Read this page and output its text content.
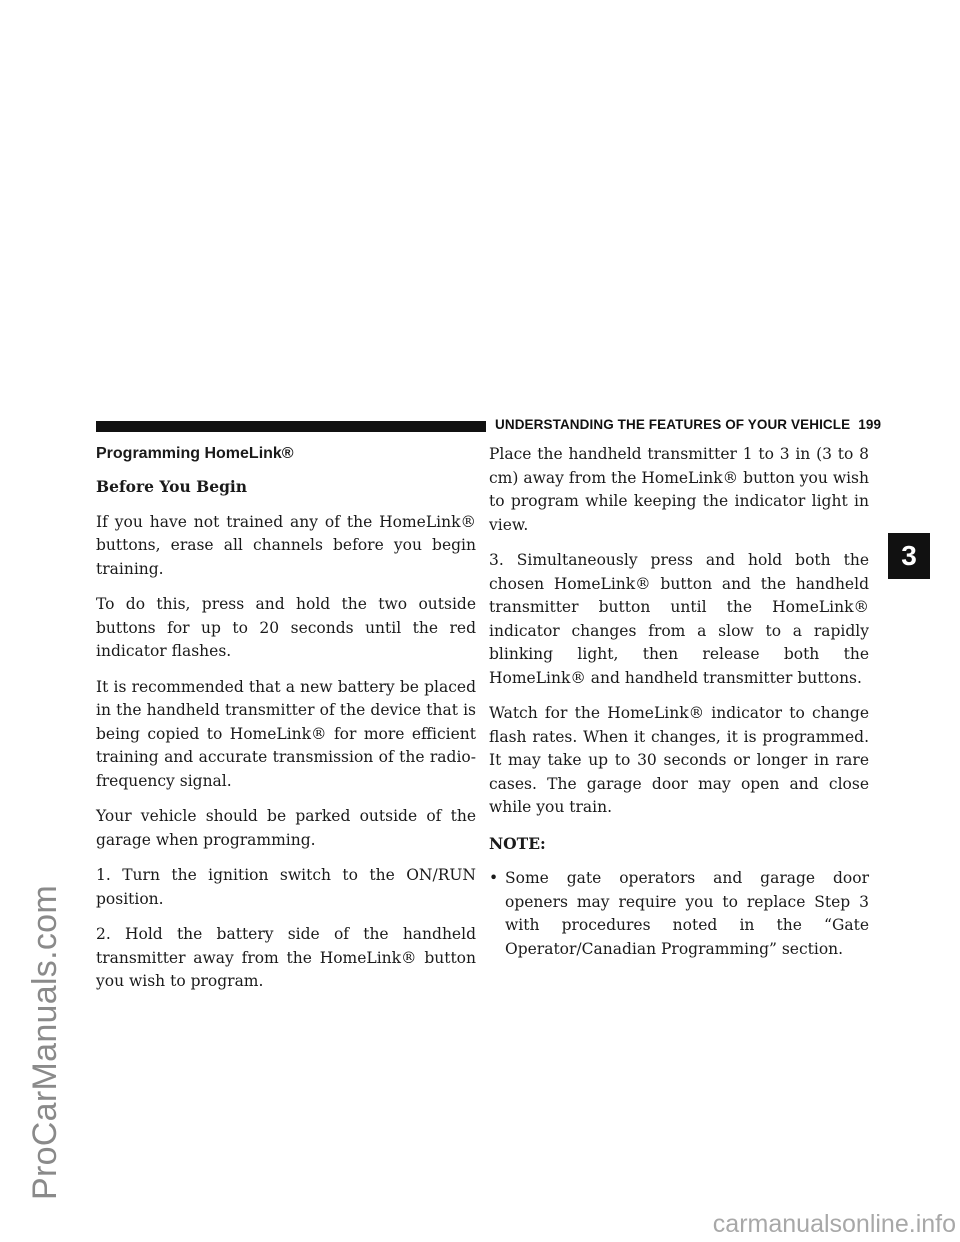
UNDERSTANDING THE FEATURES OF YOUR VEHICLE 199
Programming HomeLink®

Before You Begin

If you have not trained any of the HomeLink® buttons, erase all channels before you begin training.

To do this, press and hold the two outside buttons for up to 20 seconds until the red indicator flashes.

It is recommended that a new battery be placed in the handheld transmitter of the device that is being copied to HomeLink® for more efficient training and accurate transmission of the radio-frequency signal.

Your vehicle should be parked outside of the garage when programming.

1. Turn the ignition switch to the ON/RUN position.

2. Hold the battery side of the handheld transmitter away from the HomeLink® button you wish to program.

Place the handheld transmitter 1 to 3 in (3 to 8 cm) away from the HomeLink® button you wish to program while keeping the indicator light in view.

3. Simultaneously press and hold both the chosen HomeLink® button and the handheld transmitter button until the HomeLink® indicator changes from a slow to a rapidly blinking light, then release both the HomeLink® and handheld transmitter buttons.

Watch for the HomeLink® indicator to change flash rates. When it changes, it is programmed. It may take up to 30 seconds or longer in rare cases. The garage door may open and close while you train.

NOTE:

• Some gate operators and garage door openers may require you to replace Step 3 with procedures noted in the “Gate Operator/Canadian Programming” section.
3
ProCarManuals.com
carmanualsonline.info
